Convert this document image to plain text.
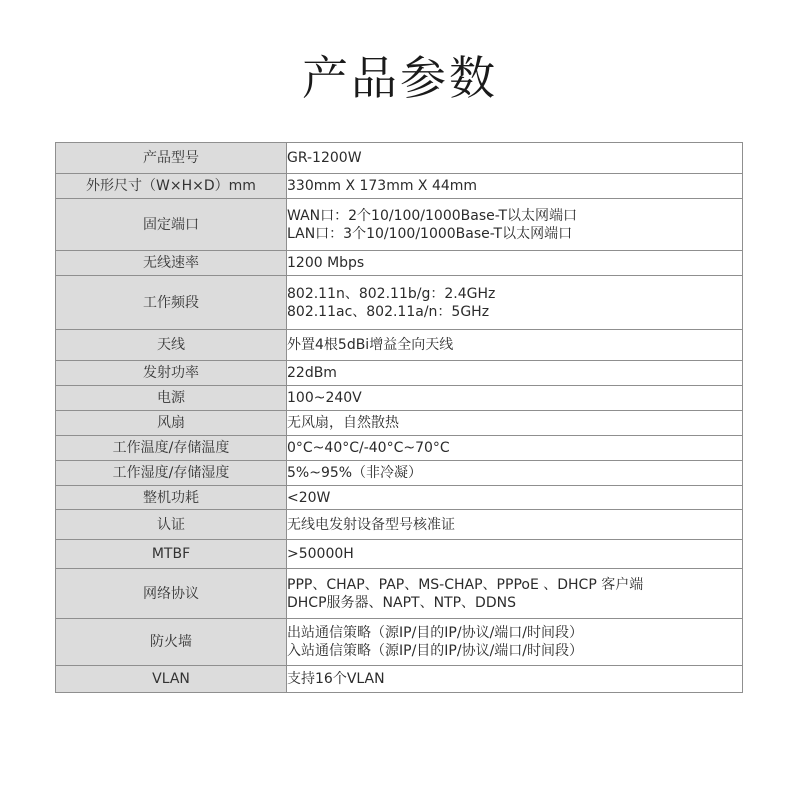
产品参数
产品型号	GR-1200W

外形尺寸（W×H×D）mm	330mm X 173mm X 44mm

固定端口	WAN口：2个10/100/1000Base-T以太网端口
LAN口：3个10/100/1000Base-T以太网端口

无线速率	1200 Mbps

工作频段	802.11n、802.11b/g：2.4GHz
802.11ac、802.11a/n：5GHz

天线	外置4根5dBi增益全向天线

发射功率	22dBm

电源	100~240V

风扇	无风扇，自然散热

工作温度/存储温度	0°C~40°C/-40°C~70°C

工作湿度/存储湿度	5%~95%（非冷凝）

整机功耗	<20W

认证	无线电发射设备型号核准证

MTBF	>50000H

网络协议	PPP、CHAP、PAP、MS-CHAP、PPPoE 、DHCP 客户端
DHCP服务器、NAPT、NTP、DDNS

防火墙	出站通信策略（源IP/目的IP/协议/端口/时间段）
入站通信策略（源IP/目的IP/协议/端口/时间段）

VLAN	支持16个VLAN
